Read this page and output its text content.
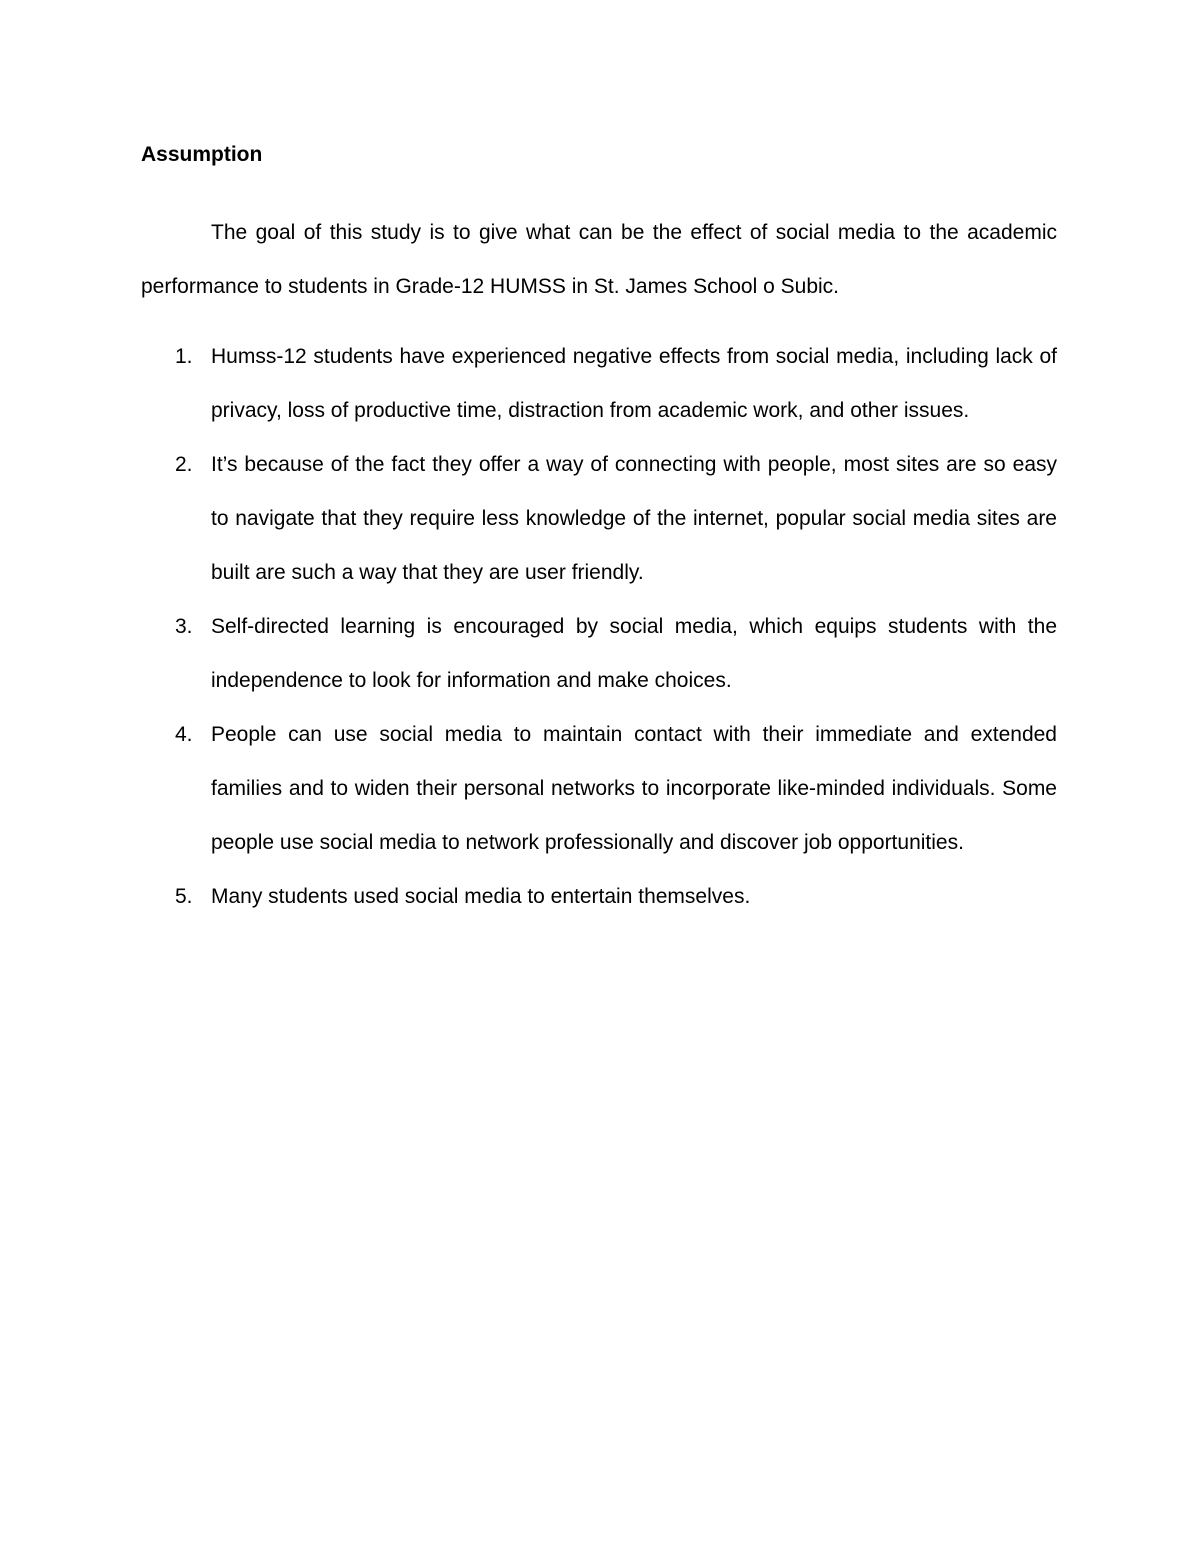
Assumption

The goal of this study is to give what can be the effect of social media to the academic performance to students in Grade-12 HUMSS in St. James School o Subic.

1. Humss-12 students have experienced negative effects from social media, including lack of privacy, loss of productive time, distraction from academic work, and other issues.
2. It’s because of the fact they offer a way of connecting with people, most sites are so easy to navigate that they require less knowledge of the internet, popular social media sites are built are such a way that they are user friendly.
3. Self-directed learning is encouraged by social media, which equips students with the independence to look for information and make choices.
4. People can use social media to maintain contact with their immediate and extended families and to widen their personal networks to incorporate like-minded individuals. Some people use social media to network professionally and discover job opportunities.
5. Many students used social media to entertain themselves.
